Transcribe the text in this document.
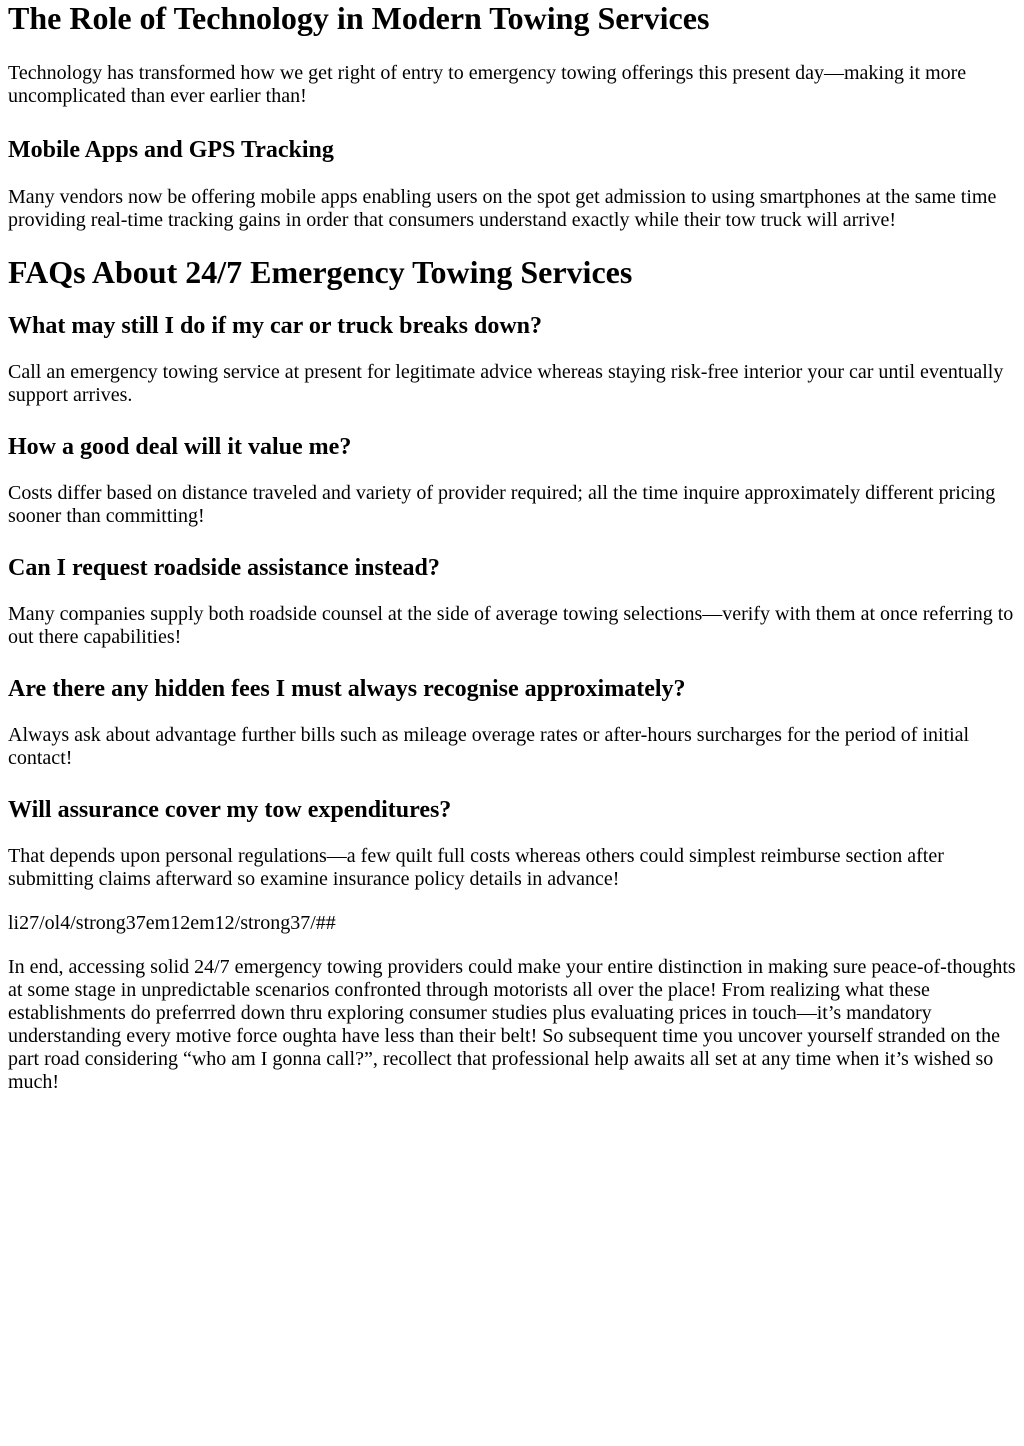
The Role of Technology in Modern Towing Services

Technology has transformed how we get right of entry to emergency towing offerings this present day—making it more uncomplicated than ever earlier than!

Mobile Apps and GPS Tracking

Many vendors now be offering mobile apps enabling users on the spot get admission to using smartphones at the same time providing real-time tracking gains in order that consumers understand exactly while their tow truck will arrive!

FAQs About 24/7 Emergency Towing Services
What may still I do if my car or truck breaks down?

Call an emergency towing service at present for legitimate advice whereas staying risk-free interior your car until eventually support arrives.

How a good deal will it value me?

Costs differ based on distance traveled and variety of provider required; all the time inquire approximately different pricing sooner than committing!

Can I request roadside assistance instead?

Many companies supply both roadside counsel at the side of average towing selections—verify with them at once referring to out there capabilities!

Are there any hidden fees I must always recognise approximately?

Always ask about advantage further bills such as mileage overage rates or after-hours surcharges for the period of initial contact!

Will assurance cover my tow expenditures?

That depends upon personal regulations—a few quilt full costs whereas others could simplest reimburse section after submitting claims afterward so examine insurance policy details in advance!

li27/ol4/strong37em12em12/strong37/##

In end, accessing solid 24/7 emergency towing providers could make your entire distinction in making sure peace-of-thoughts at some stage in unpredictable scenarios confronted through motorists all over the place! From realizing what these establishments do preferrred down thru exploring consumer studies plus evaluating prices in touch—it’s mandatory understanding every motive force oughta have less than their belt! So subsequent time you uncover yourself stranded on the part road considering “who am I gonna call?”, recollect that professional help awaits all set at any time when it’s wished so much!
